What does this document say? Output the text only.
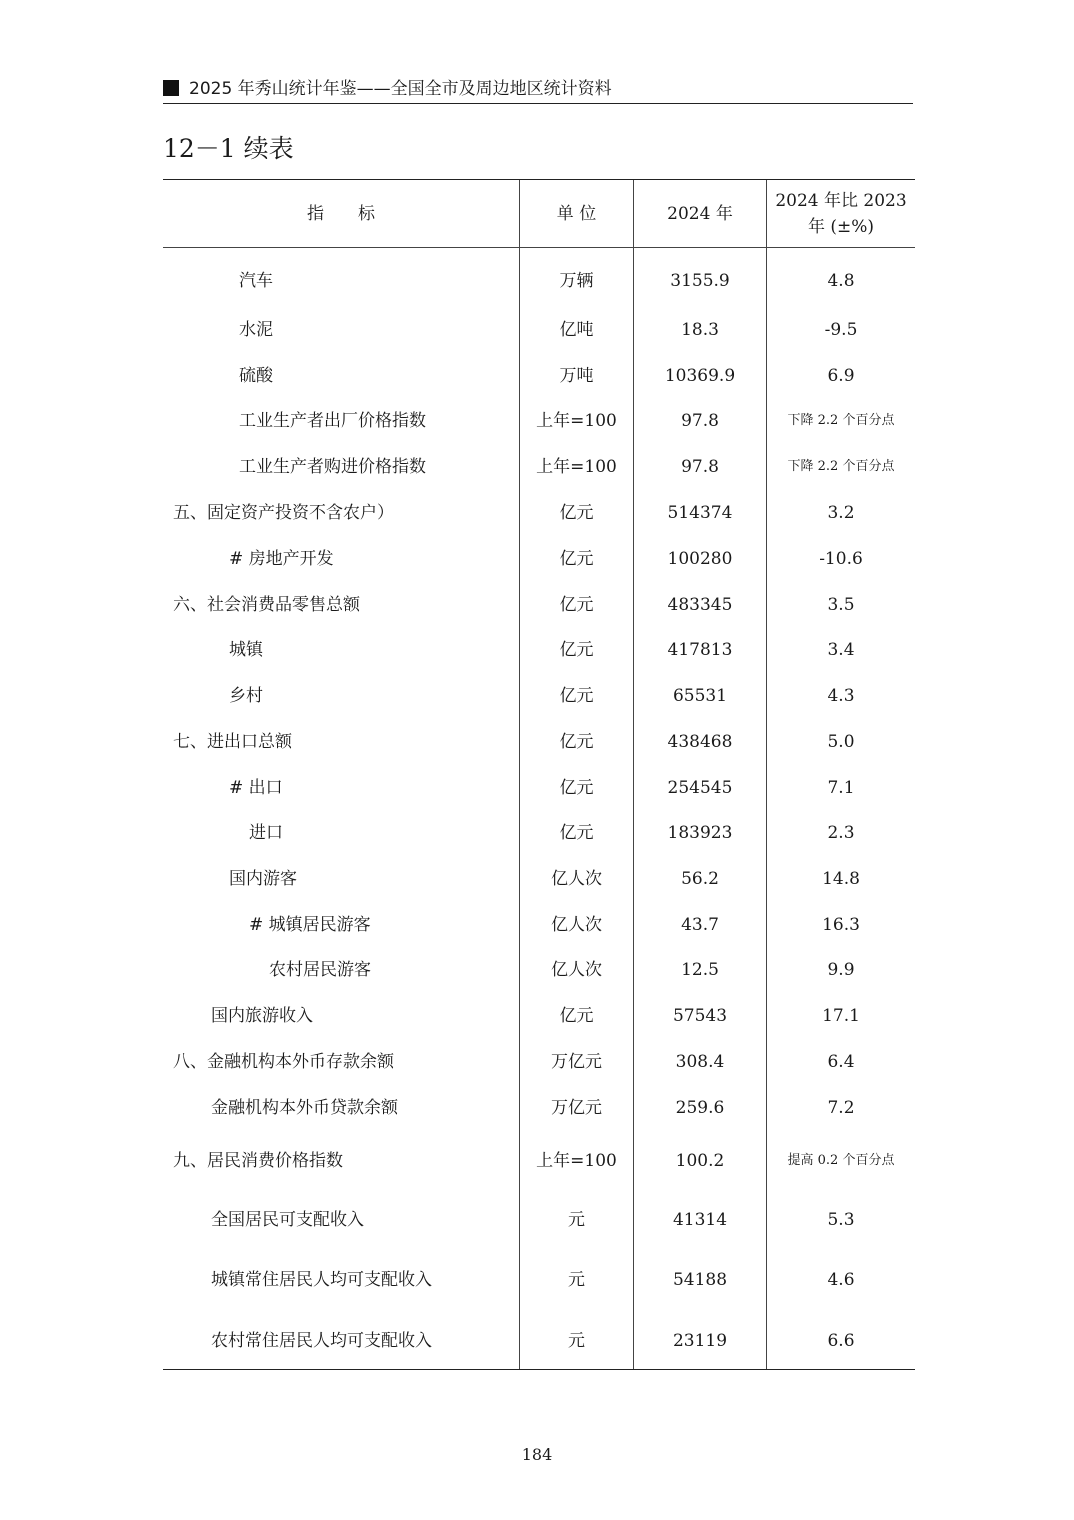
2025 年秀山统计年鉴——全国全市及周边地区统计资料
12－1 续表
指　　标	单 位	2024 年
2024 年比 2023
年 (±%)
汽车
水泥
硫酸
工业生产者出厂价格指数
工业生产者购进价格指数
五、固定资产投资不含农户）
# 房地产开发
六、社会消费品零售总额
城镇
乡村
七、进出口总额
# 出口
进口
国内游客
# 城镇居民游客
农村居民游客
国内旅游收入
八、金融机构本外币存款余额
金融机构本外币贷款余额
九、居民消费价格指数
全国居民可支配收入
城镇常住居民人均可支配收入
农村常住居民人均可支配收入
万辆
亿吨
万吨
上年=100
上年=100
亿元
亿元
亿元
亿元
亿元
亿元
亿元
亿元
亿人次
亿人次
亿人次
亿元
万亿元
万亿元
上年=100
元
元
元
3155.9
18.3
10369.9
97.8
97.8
514374
100280
483345
417813
65531
438468
254545
183923
56.2
43.7
12.5
57543
308.4
259.6
100.2
41314
54188
23119
4.8
-9.5
6.9
下降 2.2 个百分点
下降 2.2 个百分点
3.2
-10.6
3.5
3.4
4.3
5.0
7.1
2.3
14.8
16.3
9.9
17.1
6.4
7.2
提高 0.2 个百分点
5.3
4.6
6.6
184
